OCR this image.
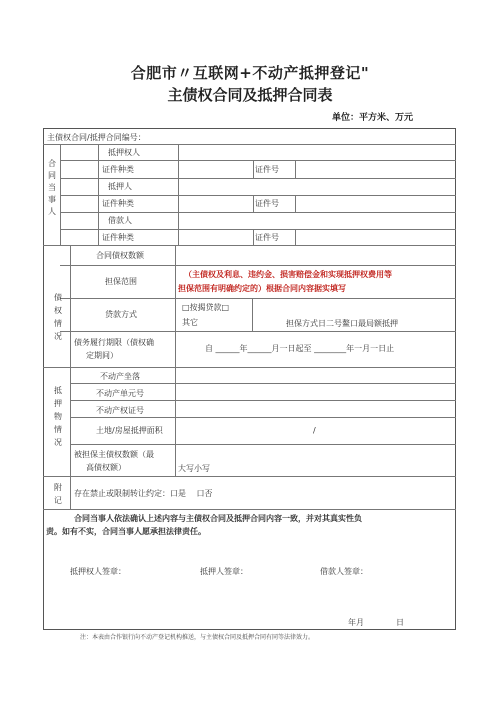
合肥市〃互联网+不动产抵押登记"
主债权合同及抵押合同表
单位：平方米、万元
主债权合同/抵押合同编号：
合同当事人
抵押权人
证件种类	证件号
抵押人
证件种类	证件号
借款人
证件种类	证件号
债权情况
合同债权数额
担保范围
（主债权及利息、违约金、损害赔偿金和实现抵押权费用等
担保范围有明确约定的）根据合同内容据实填写
贷款方式
□按揭贷款□
其它	担保方式日二号鳌口最局额抵押
债务履行期限（债权确
定期间）
自 ______年______月一日起至 ________年一月一日止
抵押物情况
不动产坐落
不动产单元号
不动产权证号
土地/房屋抵押面积	/
被担保主债权数额（最
高债权额）	大写小写
附记
存在禁止或限制转让约定：口是　 口否
合同当事人依法确认上述内容与主债权合同及抵押合同内容一致，并对其真实性负
责。如有不实，合同当事人愿承担法律责任。
抵押权人签章：	抵押人签章：	借款人签章：
年月　　　　日
注：本表由合作银行向不动产登记机构推送，与主债权合同及抵押合同有同等法律效力。
